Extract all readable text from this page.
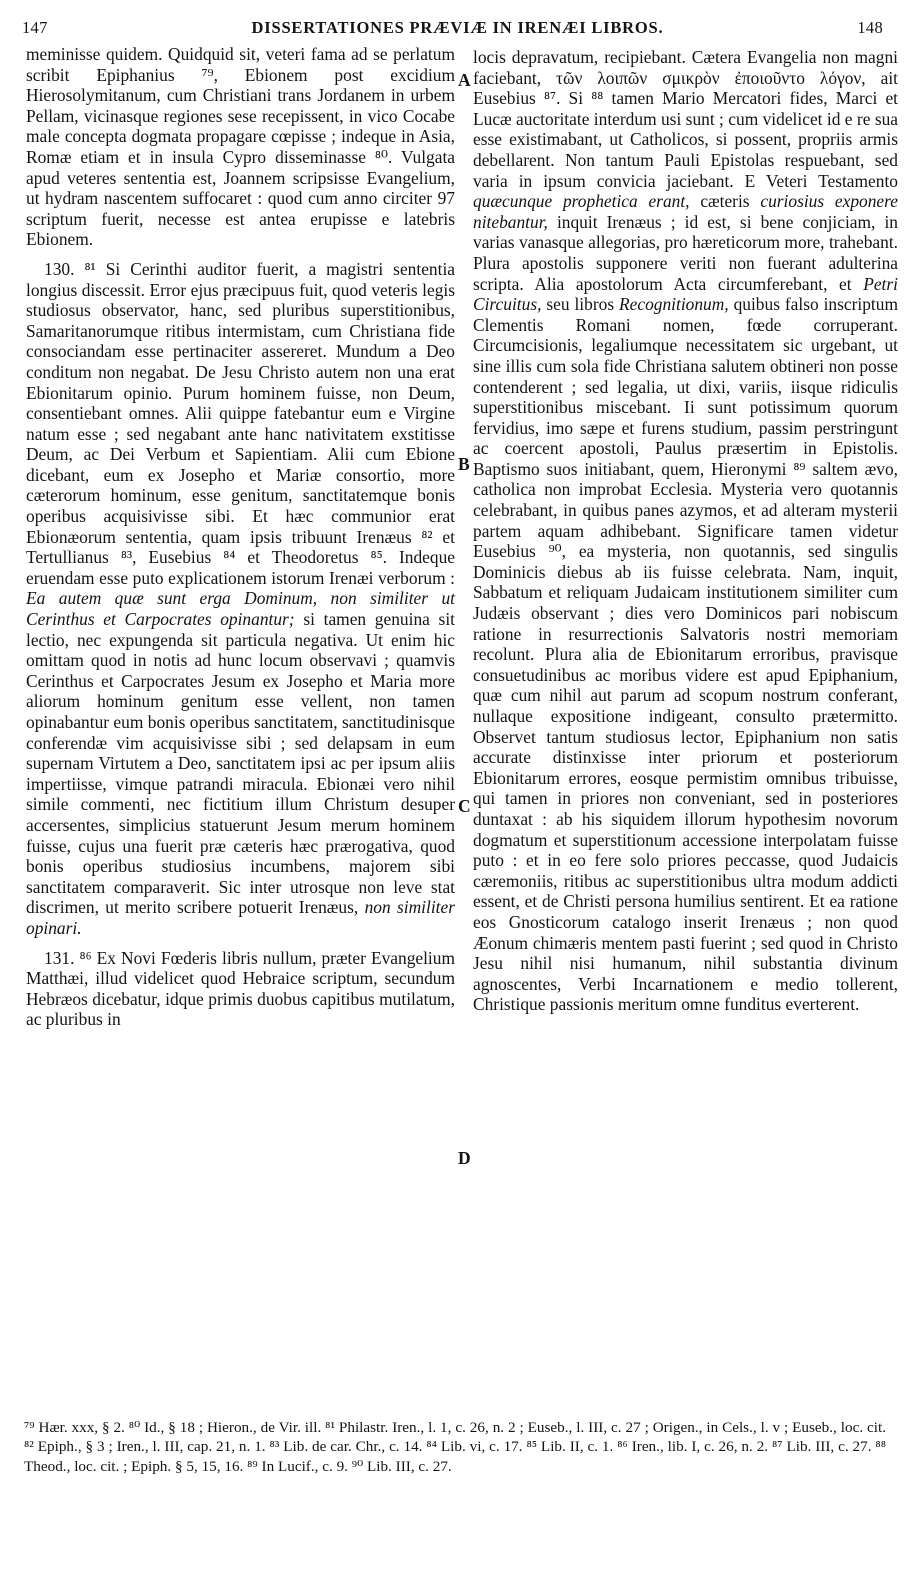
147	DISSERTATIONES PRÆVIÆ IN IRENÆI LIBROS.	148

meminisse quidem. Quidquid sit, veteri fama ad se perlatum scribit Epiphanius ⁷⁹, Ebionem post excidium Hierosolymitanum, cum Christiani trans Jordanem in urbem Pellam, vicinasque regiones sese recepissent, in vico Cocabe male concepta dogmata propagare cœpisse ; indeque in Asia, Romæ etiam et in insula Cypro disseminasse ⁸⁰. Vulgata apud veteres sententia est, Joannem scripsisse Evangelium, ut hydram nascentem suffocaret : quod cum anno circiter 97 scriptum fuerit, necesse est antea erupisse e latebris Ebionem.

130. ⁸¹ Si Cerinthi auditor fuerit, a magistri sententia longius discessit. Error ejus præcipuus fuit, quod veteris legis studiosus observator, hanc, sed pluribus superstitionibus, Samaritanorumque ritibus intermistam, cum Christiana fide consociandam esse pertinaciter assereret. Mundum a Deo conditum non negabat. De Jesu Christo autem non una erat Ebionitarum opinio. Purum hominem fuisse, non Deum, consentiebant omnes. Alii quippe fatebantur eum e Virgine natum esse ; sed negabant ante hanc nativitatem exstitisse Deum, ac Dei Verbum et Sapientiam. Alii cum Ebione dicebant, eum ex Josepho et Mariæ consortio, more cæterorum hominum, esse genitum, sanctitatemque bonis operibus acquisivisse sibi. Et hæc communior erat Ebionæorum sententia, quam ipsis tribuunt Irenæus ⁸² et Tertullianus ⁸³, Eusebius ⁸⁴ et Theodoretus ⁸⁵. Indeque eruendam esse puto explicationem istorum Irenæi verborum : Ea autem quæ sunt erga Dominum, non similiter ut Cerinthus et Carpocrates opinantur; si tamen genuina sit lectio, nec expungenda sit particula negativa. Ut enim hic omittam quod in notis ad hunc locum observavi ; quamvis Cerinthus et Carpocrates Jesum ex Josepho et Maria more aliorum hominum genitum esse vellent, non tamen opinabantur eum bonis operibus sanctitatem, sanctitudinisque conferendæ vim acquisivisse sibi ; sed delapsam in eum supernam Virtutem a Deo, sanctitatem ipsi ac per ipsum aliis impertiisse, vimque patrandi miracula. Ebionæi vero nihil simile commenti, nec fictitium illum Christum desuper accersentes, simplicius statuerunt Jesum merum hominem fuisse, cujus una fuerit præ cæteris hæc prærogativa, quod bonis operibus studiosius incumbens, majorem sibi sanctitatem comparaverit. Sic inter utrosque non leve stat discrimen, ut merito scribere potuerit Irenæus, non similiter opinari.

131. ⁸⁶ Ex Novi Fœderis libris nullum, præter Evangelium Matthæi, illud videlicet quod Hebraice scriptum, secundum Hebræos dicebatur, idque primis duobus capitibus mutilatum, ac pluribus in

A
B
C
D

locis depravatum, recipiebant. Cætera Evangelia non magni faciebant, τῶν λοιπῶν σμικρὸν ἐποιοῦντο λόγον, ait Eusebius ⁸⁷. Si ⁸⁸ tamen Mario Mercatori fides, Marci et Lucæ auctoritate interdum usi sunt ; cum videlicet id e re sua esse existimabant, ut Catholicos, si possent, propriis armis debellarent. Non tantum Pauli Epistolas respuebant, sed varia in ipsum convicia jaciebant. E Veteri Testamento quæcunque prophetica erant, cæteris curiosius exponere nitebantur, inquit Irenæus ; id est, si bene conjiciam, in varias vanasque allegorias, pro hæreticorum more, trahebant. Plura apostolis supponere veriti non fuerant adulterina scripta. Alia apostolorum Acta circumferebant, et Petri Circuitus, seu libros Recognitionum, quibus falso inscriptum Clementis Romani nomen, fœde corruperant. Circumcisionis, legaliumque necessitatem sic urgebant, ut sine illis cum sola fide Christiana salutem obtineri non posse contenderent ; sed legalia, ut dixi, variis, iisque ridiculis superstitionibus miscebant. Ii sunt potissimum quorum fervidius, imo sæpe et furens studium, passim perstringunt ac coercent apostoli, Paulus præsertim in Epistolis. Baptismo suos initiabant, quem, Hieronymi ⁸⁹ saltem ævo, catholica non improbat Ecclesia. Mysteria vero quotannis celebrabant, in quibus panes azymos, et ad alteram mysterii partem aquam adhibebant. Significare tamen videtur Eusebius ⁹⁰, ea mysteria, non quotannis, sed singulis Dominicis diebus ab iis fuisse celebrata. Nam, inquit, Sabbatum et reliquam Judaicam institutionem similiter cum Judæis observant ; dies vero Dominicos pari nobiscum ratione in resurrectionis Salvatoris nostri memoriam recolunt. Plura alia de Ebionitarum erroribus, pravisque consuetudinibus ac moribus videre est apud Epiphanium, quæ cum nihil aut parum ad scopum nostrum conferant, nullaque expositione indigeant, consulto prætermitto. Observet tantum studiosus lector, Epiphanium non satis accurate distinxisse inter priorum et posteriorum Ebionitarum errores, eosque permistim omnibus tribuisse, qui tamen in priores non conveniant, sed in posteriores duntaxat : ab his siquidem illorum hypothesim novorum dogmatum et superstitionum accessione interpolatam fuisse puto : et in eo fere solo priores peccasse, quod Judaicis cæremoniis, ritibus ac superstitionibus ultra modum addicti essent, et de Christi persona humilius sentirent. Et ea ratione eos Gnosticorum catalogo inserit Irenæus ; non quod Æonum chimæris mentem pasti fuerint ; sed quod in Christo Jesu nihil nisi humanum, nihil substantia divinum agnoscentes, Verbi Incarnationem e medio tollerent, Christique passionis meritum omne funditus everterent.

⁷⁹ Hær. xxx, § 2. ⁸⁰ Id., § 18 ; Hieron., de Vir. ill. ⁸¹ Philastr. Iren., l. 1, c. 26, n. 2 ; Euseb., l. III, c. 27 ; Origen., in Cels., l. v ; Euseb., loc. cit. ⁸² Epiph., § 3 ; Iren., l. III, cap. 21, n. 1. ⁸³ Lib. de car. Chr., c. 14. ⁸⁴ Lib. vi, c. 17. ⁸⁵ Lib. II, c. 1. ⁸⁶ Iren., lib. I, c. 26, n. 2. ⁸⁷ Lib. III, c. 27. ⁸⁸ Theod., loc. cit. ; Epiph. § 5, 15, 16. ⁸⁹ In Lucif., c. 9. ⁹⁰ Lib. III, c. 27.
